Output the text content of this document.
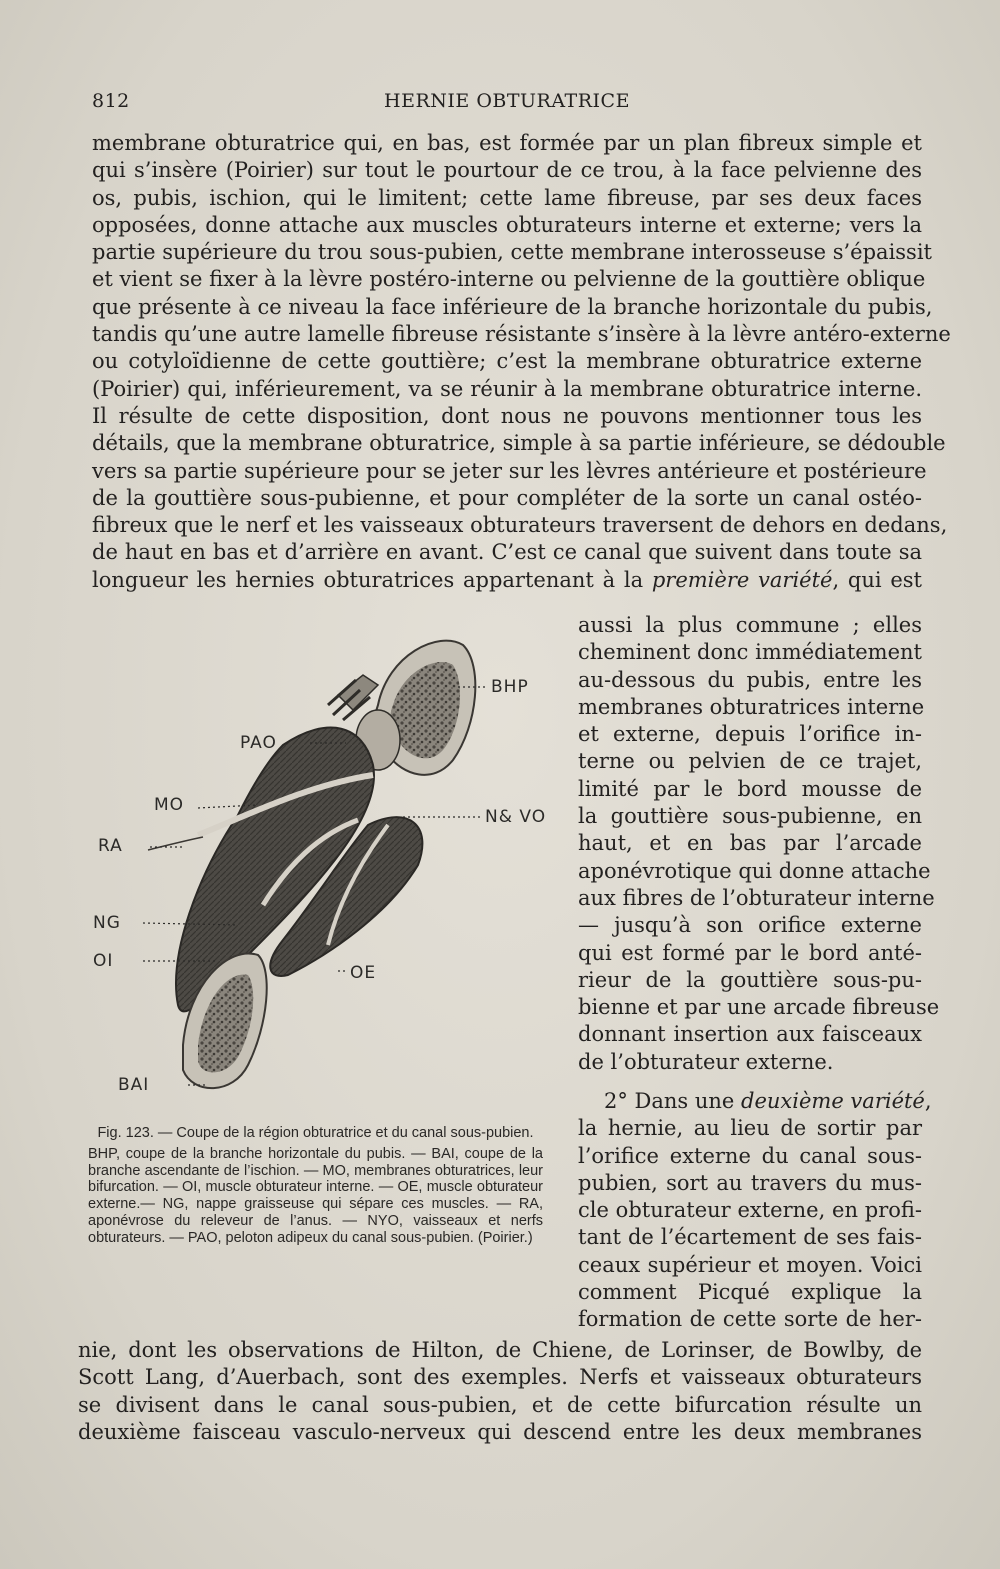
812	HERNIE OBTURATRICE
membrane obturatrice qui, en bas, est formée par un plan fibreux simple et
qui s’insère (Poirier) sur tout le pourtour de ce trou, à la face pelvienne des
os, pubis, ischion, qui le limitent; cette lame fibreuse, par ses deux faces
opposées, donne attache aux muscles obturateurs interne et externe; vers la
partie supérieure du trou sous-pubien, cette membrane interosseuse s’épaissit
et vient se fixer à la lèvre postéro-interne ou pelvienne de la gouttière oblique
que présente à ce niveau la face inférieure de la branche horizontale du pubis,
tandis qu’une autre lamelle fibreuse résistante s’insère à la lèvre antéro-externe
ou cotyloïdienne de cette gouttière; c’est la membrane obturatrice externe
(Poirier) qui, inférieurement, va se réunir à la membrane obturatrice interne.
Il résulte de cette disposition, dont nous ne pouvons mentionner tous les
détails, que la membrane obturatrice, simple à sa partie inférieure, se dédouble
vers sa partie supérieure pour se jeter sur les lèvres antérieure et postérieure
de la gouttière sous-pubienne, et pour compléter de la sorte un canal ostéo-
fibreux que le nerf et les vaisseaux obturateurs traversent de dehors en dedans,
de haut en bas et d’arrière en avant. C’est ce canal que suivent dans toute sa
longueur les hernies obturatrices appartenant à la première variété, qui est
aussi la plus commune ; elles
cheminent donc immédiatement
au-dessous du pubis, entre les
membranes obturatrices interne
et externe, depuis l’orifice in-
terne ou pelvien de ce trajet,
limité par le bord mousse de
la gouttière sous-pubienne, en
haut, et en bas par l’arcade
aponévrotique qui donne attache
aux fibres de l’obturateur interne
— jusqu’à son orifice externe
qui est formé par le bord anté-
rieur de la gouttière sous-pu-
bienne et par une arcade fibreuse
donnant insertion aux faisceaux
de l’obturateur externe.
2° Dans une deuxième variété,
la hernie, au lieu de sortir par
l’orifice externe du canal sous-
pubien, sort au travers du mus-
cle obturateur externe, en profi-
tant de l’écartement de ses fais-
ceaux supérieur et moyen. Voici
comment Picqué explique la
formation de cette sorte de her-
nie, dont les observations de Hilton, de Chiene, de Lorinser, de Bowlby, de
Scott Lang, d’Auerbach, sont des exemples. Nerfs et vaisseaux obturateurs
se divisent dans le canal sous-pubien, et de cette bifurcation résulte un
deuxième faisceau vasculo-nerveux qui descend entre les deux membranes
BHP
PAO
MO
N& VO
RA
NG
OI
OE
BAI
Fig. 123. — Coupe de la région obturatrice et du canal sous-pubien.
BHP, coupe de la branche horizontale du pubis. — BAI, coupe de la branche ascendante de l’ischion. — MO, membranes obturatrices, leur bifurcation. — OI, muscle obturateur interne. — OE, muscle obturateur externe.— NG, nappe graisseuse qui sépare ces muscles. — RA, aponévrose du releveur de l’anus. — NYO, vaisseaux et nerfs obturateurs. — PAO, peloton adipeux du canal sous-pubien. (Poirier.)
